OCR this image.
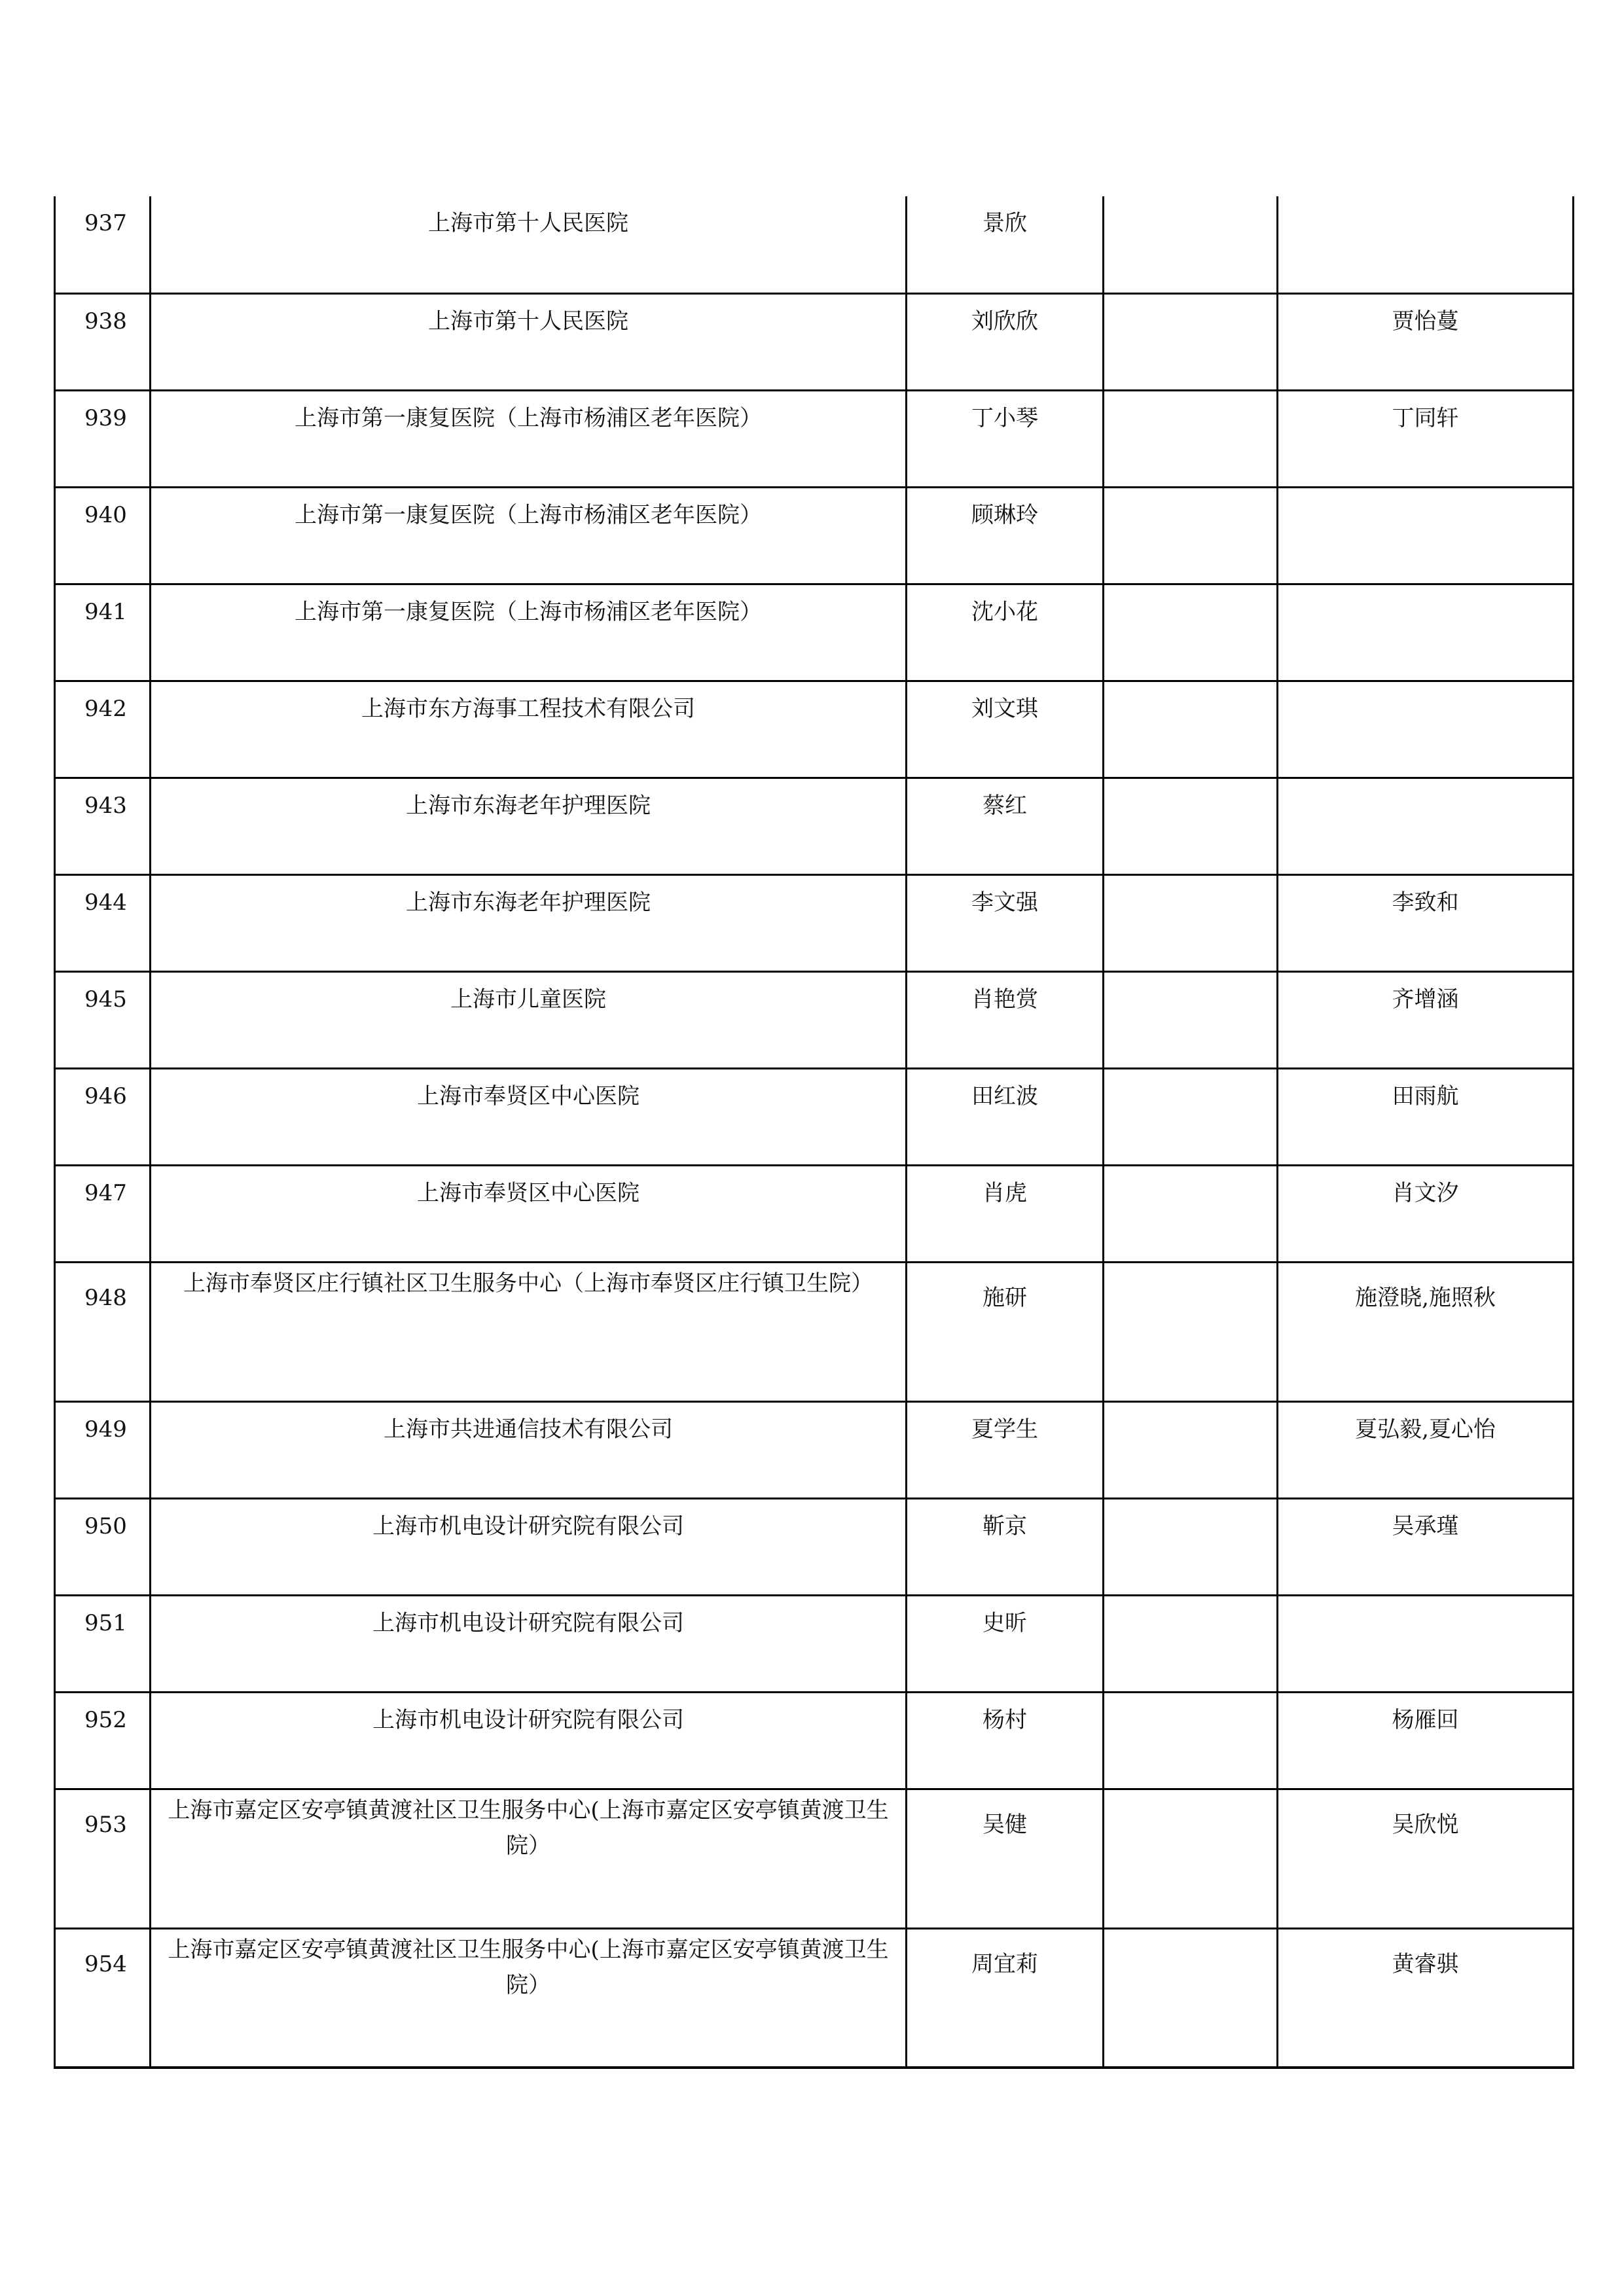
937	上海市第十人民医院	景欣		
938	上海市第十人民医院	刘欣欣		贾怡蔓
939	上海市第一康复医院（上海市杨浦区老年医院）	丁小琴		丁同轩
940	上海市第一康复医院（上海市杨浦区老年医院）	顾琳玲		
941	上海市第一康复医院（上海市杨浦区老年医院）	沈小花		
942	上海市东方海事工程技术有限公司	刘文琪		
943	上海市东海老年护理医院	蔡红		
944	上海市东海老年护理医院	李文强		李致和
945	上海市儿童医院	肖艳赏		齐增涵
946	上海市奉贤区中心医院	田红波		田雨航
947	上海市奉贤区中心医院	肖虎		肖文汐
948	上海市奉贤区庄行镇社区卫生服务中心（上海市奉贤区庄行镇卫生院）	施研		施澄晓,施照秋
949	上海市共进通信技术有限公司	夏学生		夏弘毅,夏心怡
950	上海市机电设计研究院有限公司	靳京		吴承瑾
951	上海市机电设计研究院有限公司	史昕		
952	上海市机电设计研究院有限公司	杨村		杨雁回
953	上海市嘉定区安亭镇黄渡社区卫生服务中心(上海市嘉定区安亭镇黄渡卫生院）	吴健		吴欣悦
954	上海市嘉定区安亭镇黄渡社区卫生服务中心(上海市嘉定区安亭镇黄渡卫生院）	周宜莉		黄睿骐
